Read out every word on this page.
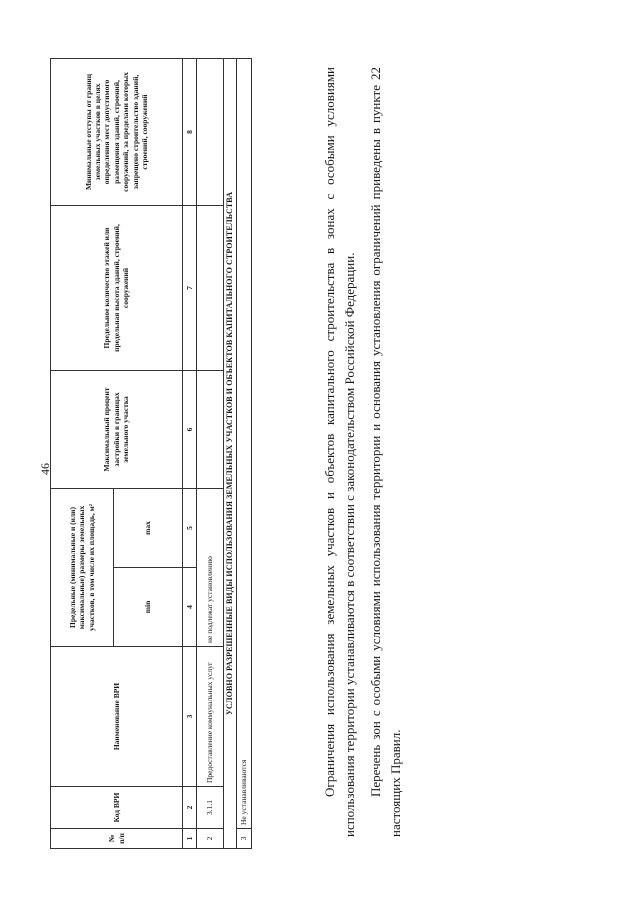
46
№ п/п	Код ВРИ	Наименование ВРИ	Предельные (минимальные и (или) максимальные) размеры земельных участков, в том числе их площадь, м²		Максимальный процент застройки в границах земельного участка	Предельное количество этажей или предельная высота зданий, строений, сооружений	Минимальные отступы от границ земельных участков в целях определения мест допустимого размещения зданий, строений, сооружений, за пределами которых запрещено строительство зданий, строений, сооружений
			min	max			
1	2	3	4	5	6	7	8
2	3.1.1	Предоставление коммунальных услуг	не подлежат установлению				
УСЛОВНО РАЗРЕШЕННЫЕ ВИДЫ ИСПОЛЬЗОВАНИЯ ЗЕМЕЛЬНЫХ УЧАСТКОВ И ОБЪЕКТОВ КАПИТАЛЬНОГО СТРОИТЕЛЬСТВА							
3	Не устанавливаются							Ограничения использования земельных участков и объектов капитального строительства в зонах с особыми условиями использования территории устанавливаются в соответствии с законодательством Российской Федерации. Перечень зон с особыми условиями использования территории и основания установления ограничений приведены в пункте 22 настоящих Правил.
